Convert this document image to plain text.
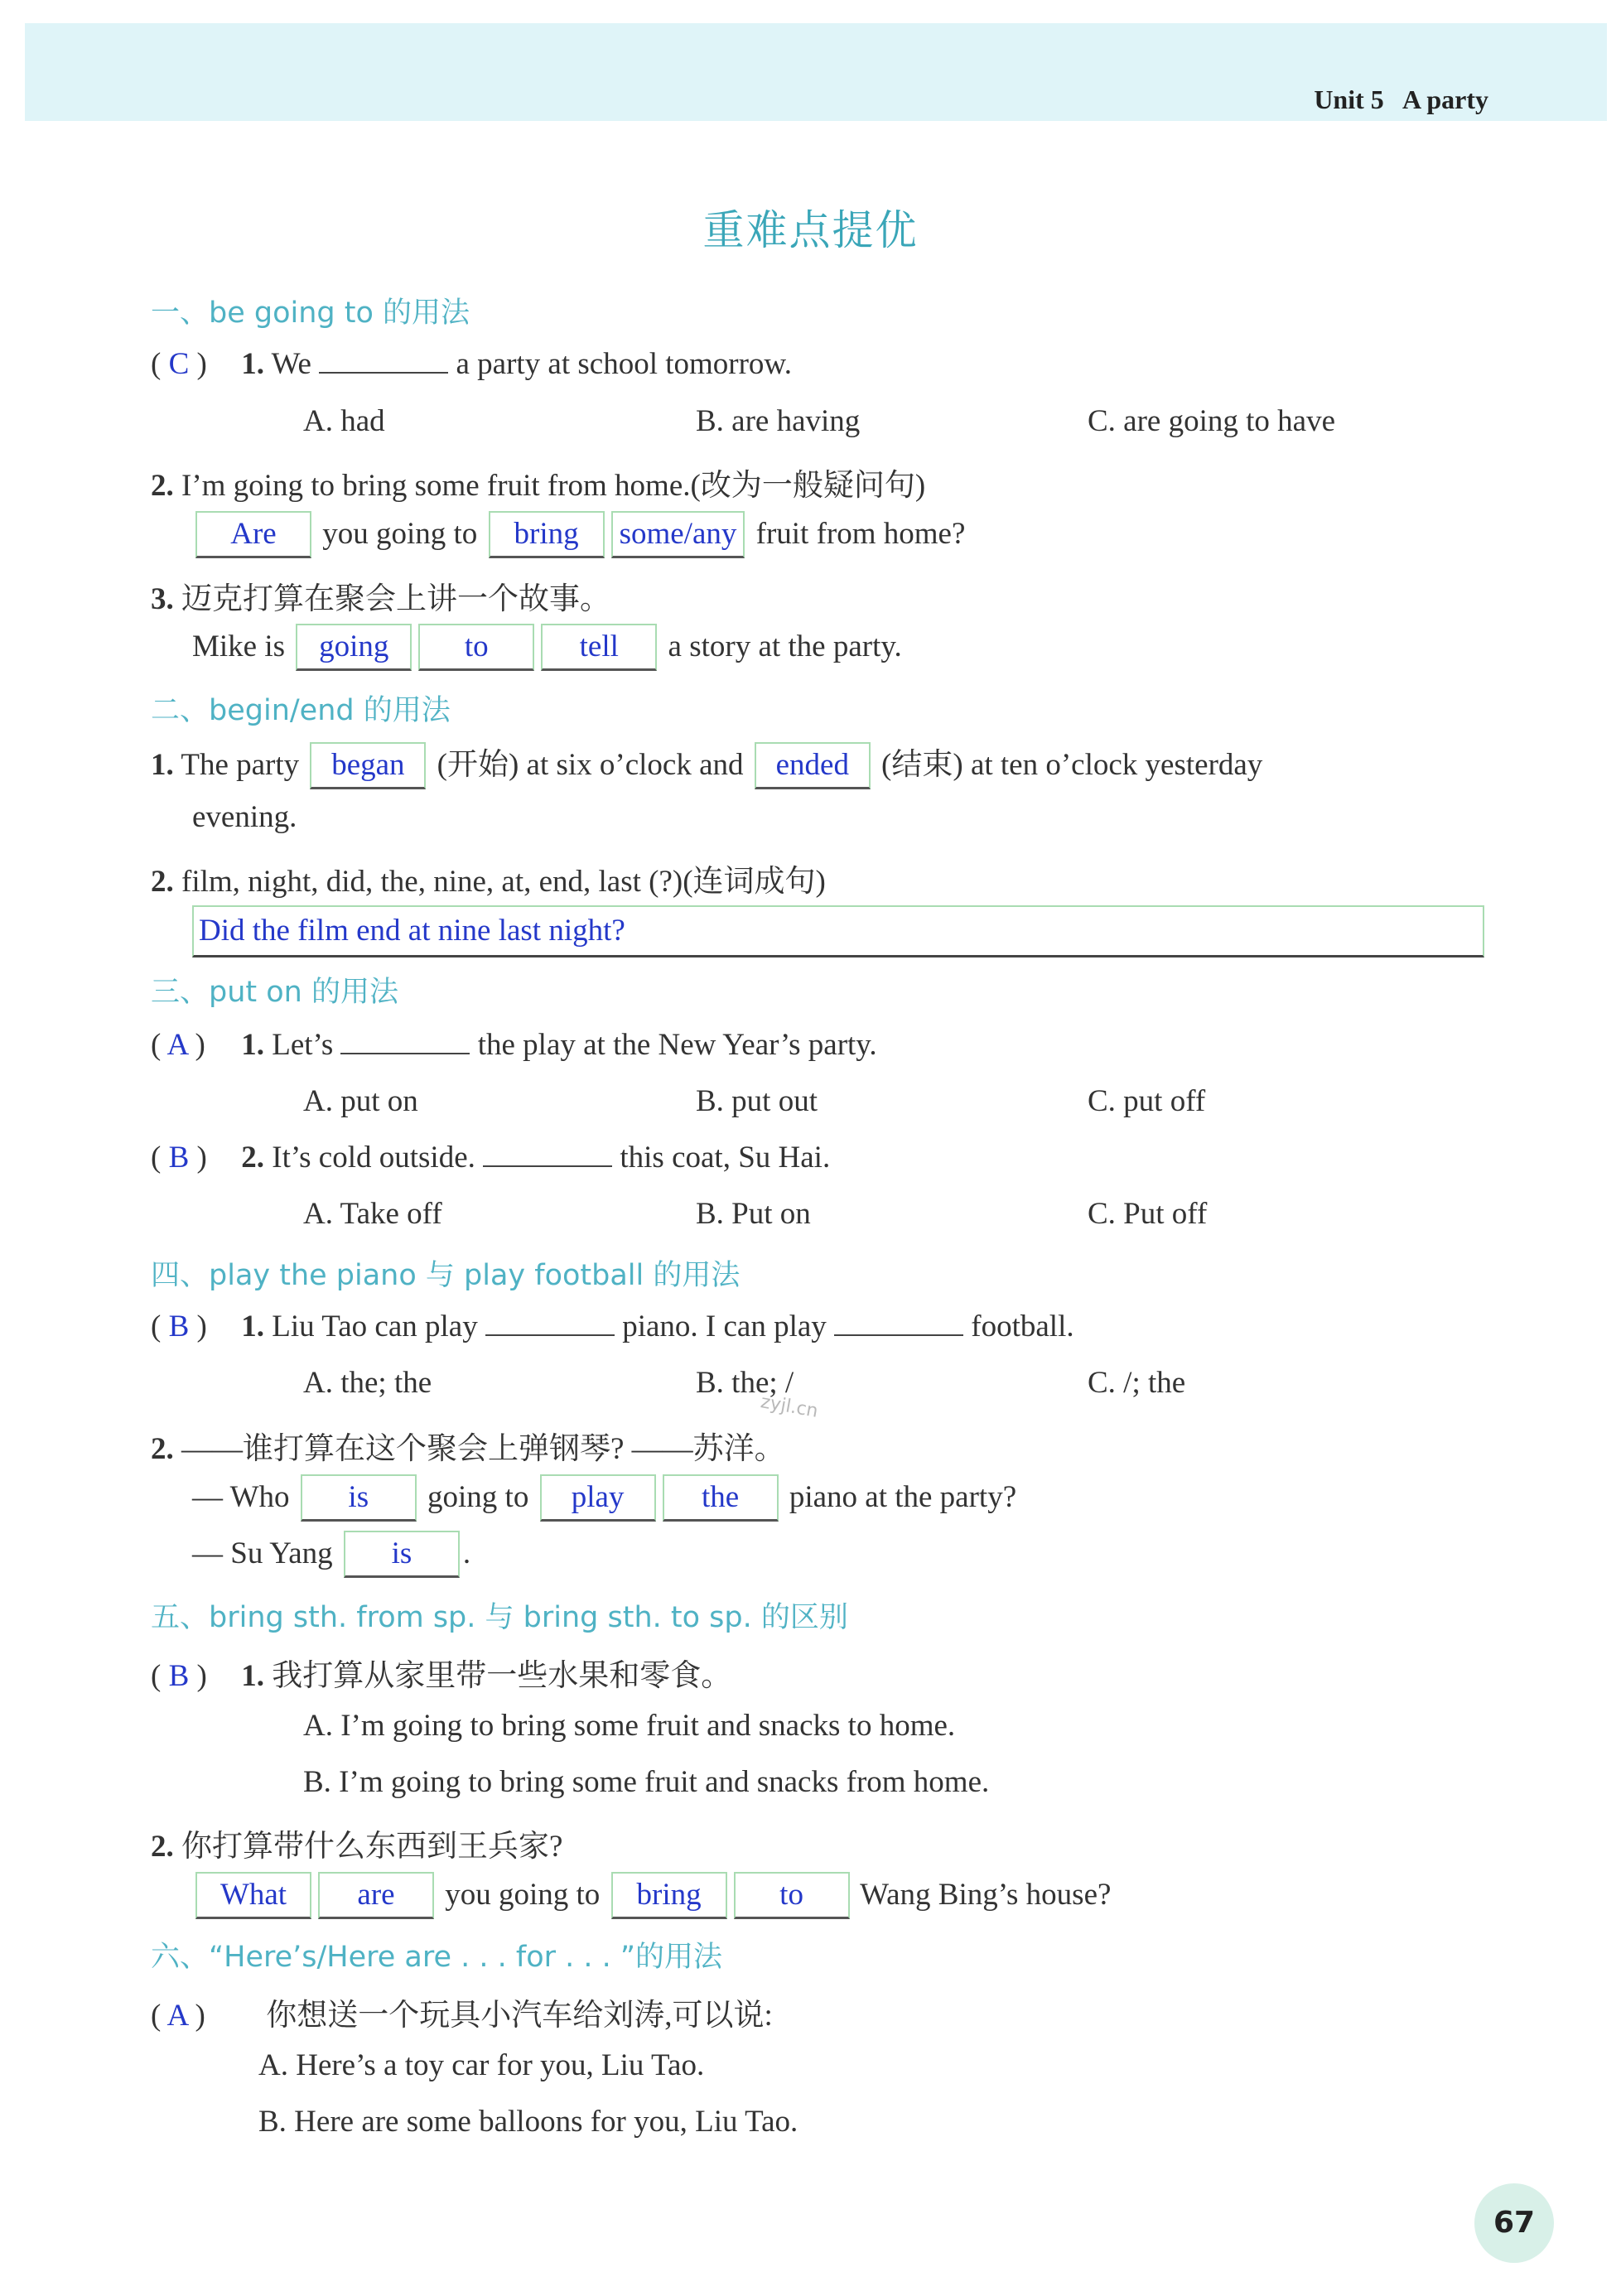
Unit 5 A party
重难点提优
一、be going to 的用法
( C ) 1. We	a party at school tomorrow.
A. had	B. are having	C. are going to have
2. I’m going to bring some fruit from home.(改为一般疑问句)
Are you going to bring some/any fruit from home?
3. 迈克打算在聚会上讲一个故事。
Mike is going to	tell a story at the party.
二、begin/end 的用法
1. The party began (开始) at six o’clock and ended (结束) at ten o’clock yesterday
evening.
2. film, night, did, the, nine, at, end, last (?)(连词成句)
Did the film end at nine last night?
三、put on 的用法
( A ) 1. Let’s	the play at the New Year’s party.
A. put on	B. put out	C. put off
( B ) 2. It’s cold outside.	this coat, Su Hai.
A. Take off	B. Put on	C. Put off
四、play the piano 与 play football 的用法
( B ) 1. Liu Tao can play	piano. I can play	football.
A. the; the	B. the; /	C. /; the
zyjl.cn
2. ——谁打算在这个聚会上弹钢琴? ——苏洋。
— Who is going to play	the piano at the party?
— Su Yang is .
五、bring sth. from sp. 与 bring sth. to sp. 的区别
( B ) 1. 我打算从家里带一些水果和零食。
A. I’m going to bring some fruit and snacks to home.
B. I’m going to bring some fruit and snacks from home.
2. 你打算带什么东西到王兵家?
What are you going to bring	to Wang Bing’s house?
六、“Here’s/Here are . . . for . . . ”的用法
( A ) 你想送一个玩具小汽车给刘涛,可以说:
A. Here’s a toy car for you, Liu Tao.
B. Here are some balloons for you, Liu Tao.
67
